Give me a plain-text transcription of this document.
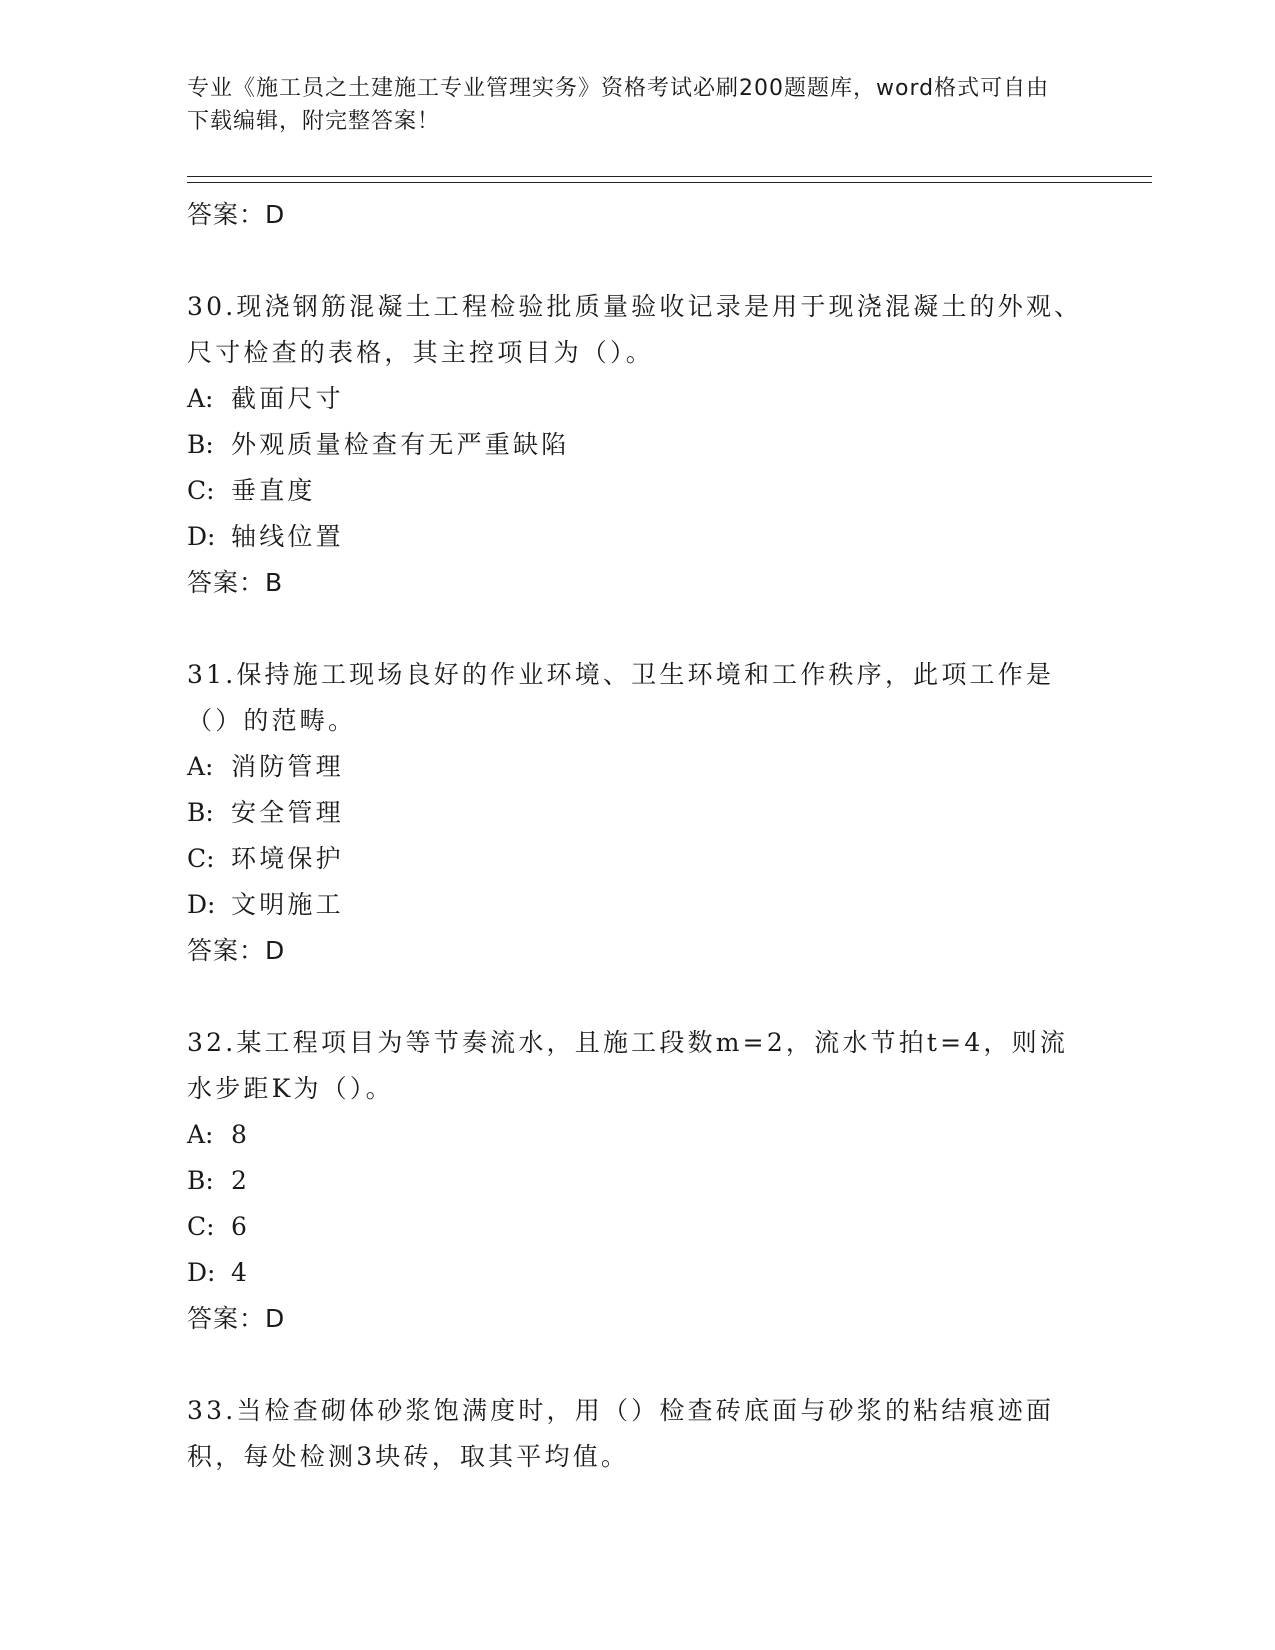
专业《施工员之土建施工专业管理实务》资格考试必刷200题题库，word格式可自由下载编辑，附完整答案！
答案：D
30.现浇钢筋混凝土工程检验批质量验收记录是用于现浇混凝土的外观、尺寸检查的表格，其主控项目为（）。
A: 截面尺寸
B: 外观质量检查有无严重缺陷
C: 垂直度
D: 轴线位置
答案：B
31.保持施工现场良好的作业环境、卫生环境和工作秩序，此项工作是（）的范畴。
A: 消防管理
B: 安全管理
C: 环境保护
D: 文明施工
答案：D
32.某工程项目为等节奏流水，且施工段数m=2，流水节拍t=4，则流水步距K为（）。
A: 8
B: 2
C: 6
D: 4
答案：D
33.当检查砌体砂浆饱满度时，用（）检查砖底面与砂浆的粘结痕迹面积，每处检测3块砖，取其平均值。
